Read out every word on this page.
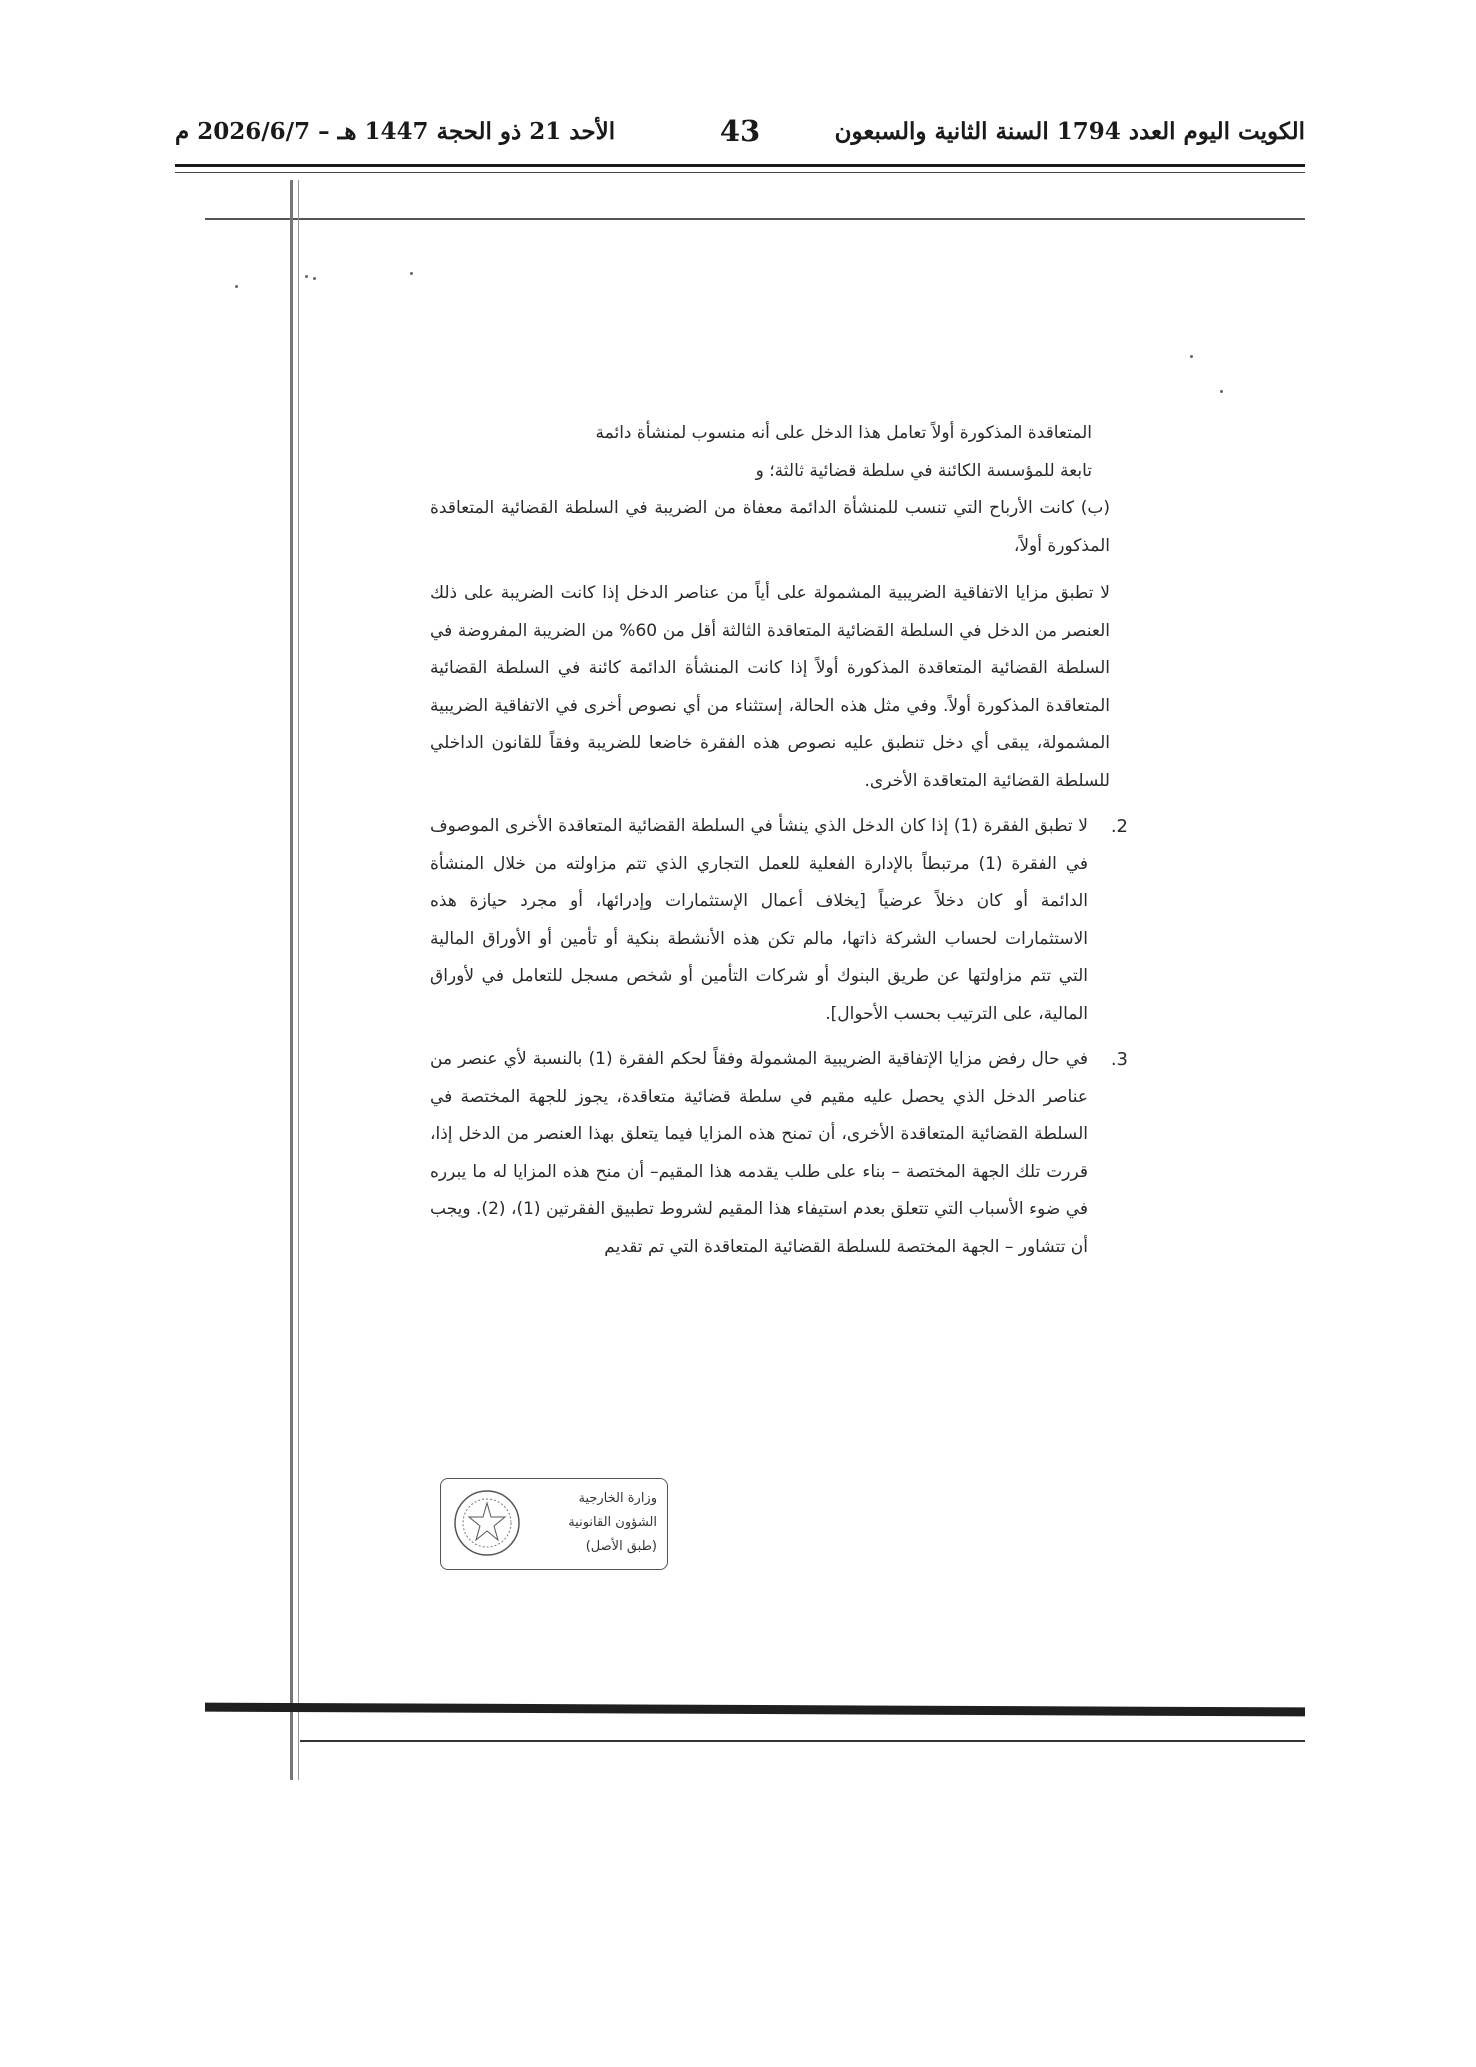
الكويت اليوم العدد 1794 السنة الثانية والسبعون
43
الأحد 21 ذو الحجة 1447 هـ – 2026/6/7 م

المتعاقدة المذكورة أولاً تعامل هذا الدخل على أنه منسوب لمنشأة دائمة

تابعة للمؤسسة الكائنة في سلطة قضائية ثالثة؛ و

(ب) كانت الأرباح التي تنسب للمنشأة الدائمة معفاة من الضريبة في السلطة القضائية المتعاقدة المذكورة أولاً،

لا تطبق مزايا الاتفاقية الضريبية المشمولة على أياً من عناصر الدخل إذا كانت الضريبة على ذلك العنصر من الدخل في السلطة القضائية المتعاقدة الثالثة أقل من 60% من الضريبة المفروضة في السلطة القضائية المتعاقدة المذكورة أولاً إذا كانت المنشأة الدائمة كائنة في السلطة القضائية المتعاقدة المذكورة أولاً. وفي مثل هذه الحالة، إستثناء من أي نصوص أخرى في الاتفاقية الضريبية المشمولة، يبقى أي دخل تنطبق عليه نصوص هذه الفقرة خاضعا للضريبة وفقاً للقانون الداخلي للسلطة القضائية المتعاقدة الأخرى.

2.

لا تطبق الفقرة (1) إذا كان الدخل الذي ينشأ في السلطة القضائية المتعاقدة الأخرى الموصوف في الفقرة (1) مرتبطاً بالإدارة الفعلية للعمل التجاري الذي تتم مزاولته من خلال المنشأة الدائمة أو كان دخلاً عرضياً [يخلاف أعمال الإستثمارات وإدرائها، أو مجرد حيازة هذه الاستثمارات لحساب الشركة ذاتها، مالم تكن هذه الأنشطة بنكية أو تأمين أو الأوراق المالية التي تتم مزاولتها عن طريق البنوك أو شركات التأمين أو شخص مسجل للتعامل في لأوراق المالية، على الترتيب بحسب الأحوال].

3.

في حال رفض مزايا الإتفاقية الضريبية المشمولة وفقاً لحكم الفقرة (1) بالنسبة لأي عنصر من عناصر الدخل الذي يحصل عليه مقيم في سلطة قضائية متعاقدة، يجوز للجهة المختصة في السلطة القضائية المتعاقدة الأخرى، أن تمنح هذه المزايا فيما يتعلق بهذا العنصر من الدخل إذا، قررت تلك الجهة المختصة – بناء على طلب يقدمه هذا المقيم– أن منح هذه المزايا له ما يبرره في ضوء الأسباب التي تتعلق بعدم استيفاء هذا المقيم لشروط تطبيق الفقرتين (1)، (2). ويجب أن تتشاور – الجهة المختصة للسلطة القضائية المتعاقدة التي تم تقديم

وزارة الخارجية
الشؤون القانونية
(طبق الأصل)
